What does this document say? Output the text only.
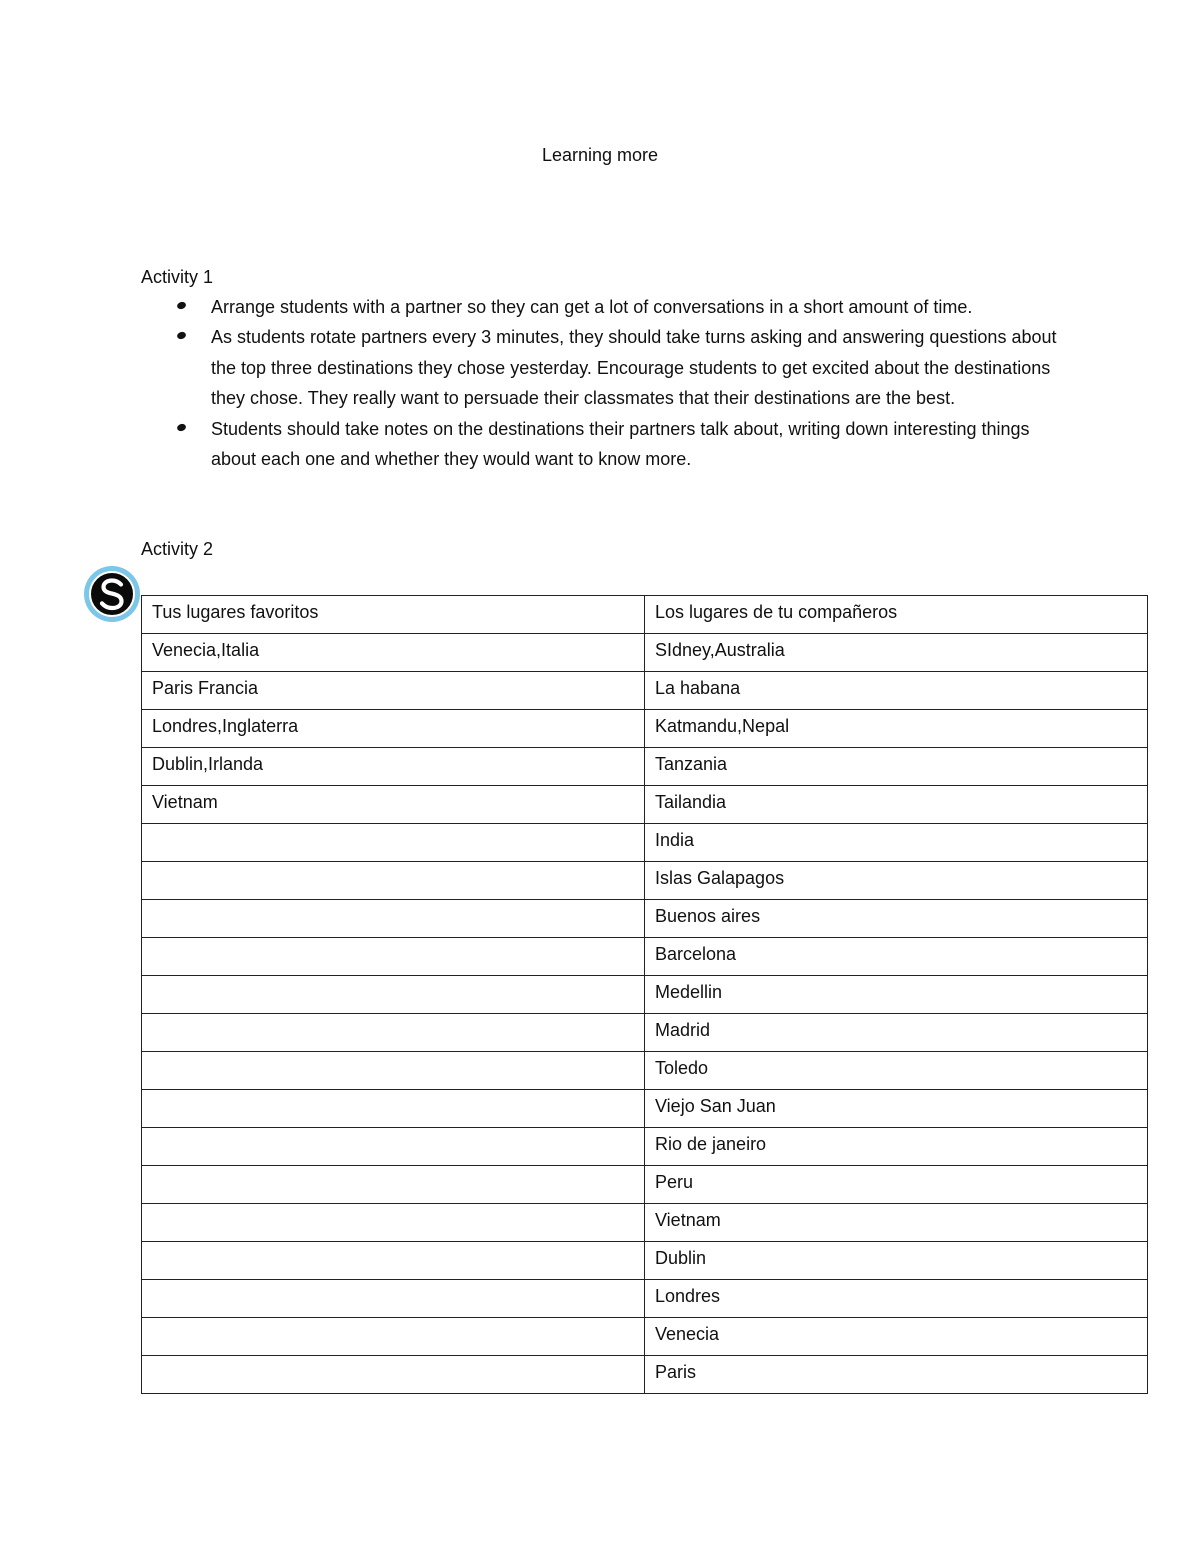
Learning more
Activity 1
Arrange students with a partner so they can get a lot of conversations in a short amount of time.
As students rotate partners every 3 minutes, they should take turns asking and answering questions about the top three destinations they chose yesterday. Encourage students to get excited about the destinations they chose. They really want to persuade their classmates that their destinations are the best.
Students should take notes on the destinations their partners talk about, writing down interesting things about each one and whether they would want to know more.
Activity 2
Tus lugares favoritos	Los lugares de tu compañeros
Venecia,Italia	SIdney,Australia
Paris Francia	La habana
Londres,Inglaterra	Katmandu,Nepal
Dublin,Irlanda	Tanzania
Vietnam	Tailandia
	India
	Islas Galapagos
	Buenos aires
	Barcelona
	Medellin
	Madrid
	Toledo
	Viejo San Juan
	Rio de janeiro
	Peru
	Vietnam
	Dublin
	Londres
	Venecia
	Paris
